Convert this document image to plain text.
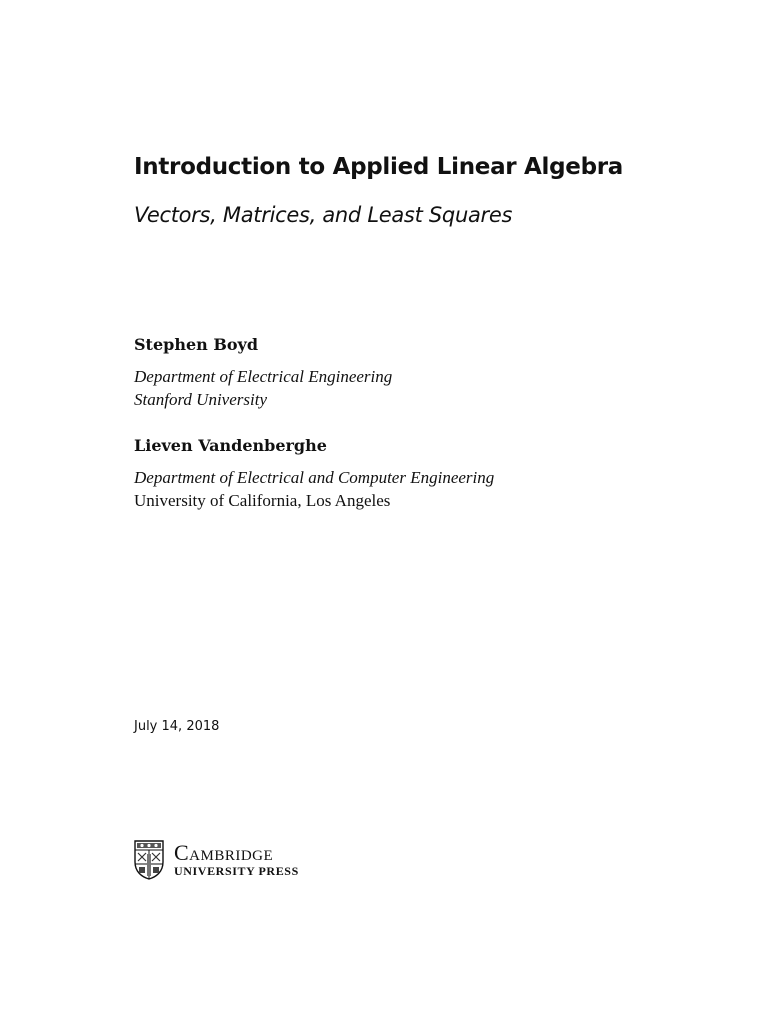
Introduction to Applied Linear Algebra
Vectors, Matrices, and Least Squares
Stephen Boyd
Department of Electrical Engineering
Stanford University
Lieven Vandenberghe
Department of Electrical and Computer Engineering
University of California, Los Angeles
July 14, 2018
Cambridge
UNIVERSITY PRESS
